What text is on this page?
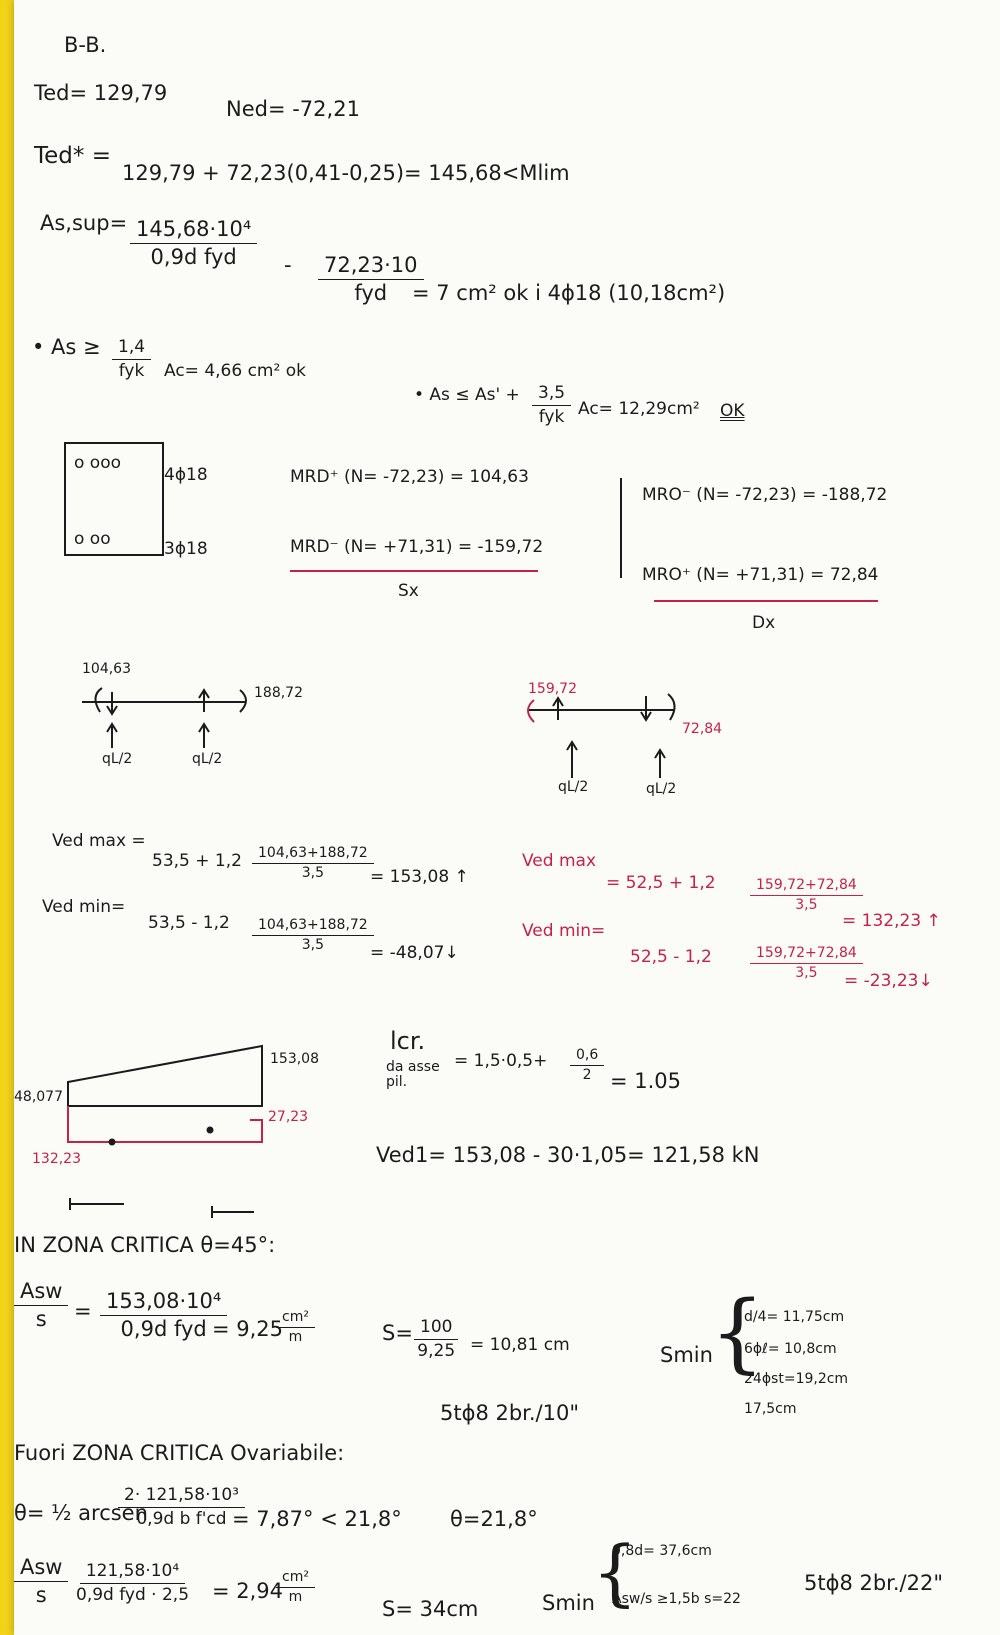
B-B.
Ted= 129,79
Ned= -72,21
Ted* =
129,79 + 72,23(0,41-0,25)= 145,68<Mlim
As,sup= 145,68·10⁴
0,9d fyd - 72,23·10
fyd = 7 cm² ok i 4ϕ18 (10,18cm²)
• As ≥	1,4
fyk Ac= 4,66 cm² ok
• As ≤ As' +	3,5
fyk Ac= 12,29cm² OK
o ooo
o oo
4ϕ18
3ϕ18
MRD⁺ (N= -72,23) = 104,63
MRD⁻ (N= +71,31) = -159,72
Sx
MRO⁻ (N= -72,23) = -188,72
MRO⁺ (N= +71,31) = 72,84
Dx
104,63
188,72
qL/2	qL/2
159,72
72,84
qL/2	qL/2
Ved max =
$53,5 + 1,2 \frac{104,63+188,72}{3,5}$
= 153,08 ↑
Ved min=
$53,5 - 1,2 \frac{104,63+188,72}{3,5}$
= -48,07↓
Ved max
= $52,5 + 1,2 \frac{159,72+72,84}{3,5}$
= 132,23 ↑
Ved min=
52,5 - 1,2	$\frac{159,72+72,84}{3,5}$
= -23,23↓
153,08
48,077
27,23
132,23
lcr.
da asse pil.
= $1,5\cdot 0,5+ \frac{0,6}{2} = 1.05$
Ved1= 153,08 - 30·1,05= 121,58 kN
IN ZONA CRITICA θ=45°:
Asw
s = 153,08·10⁴
0,9d fyd = 9,25
$\frac{\text{cm²}}{m}$	$S= \frac{100}{9,25} = 10,81$ cm	Smin
{
d/4= 11,75cm
6ϕℓ= 10,8cm
24ϕst=19,2cm
17,5cm
5tϕ8 2br./10"
Fuori ZONA CRITICA Ovariabile:
θ= ½ arcsen
$\frac{\text{2· 121,58·10³}}{\text{0,9d b f'cd}}$
= 7,87° < 21,8° θ=21,8°
Asw
s
121,58·10⁴
0,9d fyd · 2,5 = 2,94
$\frac{\text{cm²}}{m}$
S= 34cm	Smin
{
0,8d= 37,6cm
Asw/s ≥1,5b s=22
5tϕ8 2br./22"
